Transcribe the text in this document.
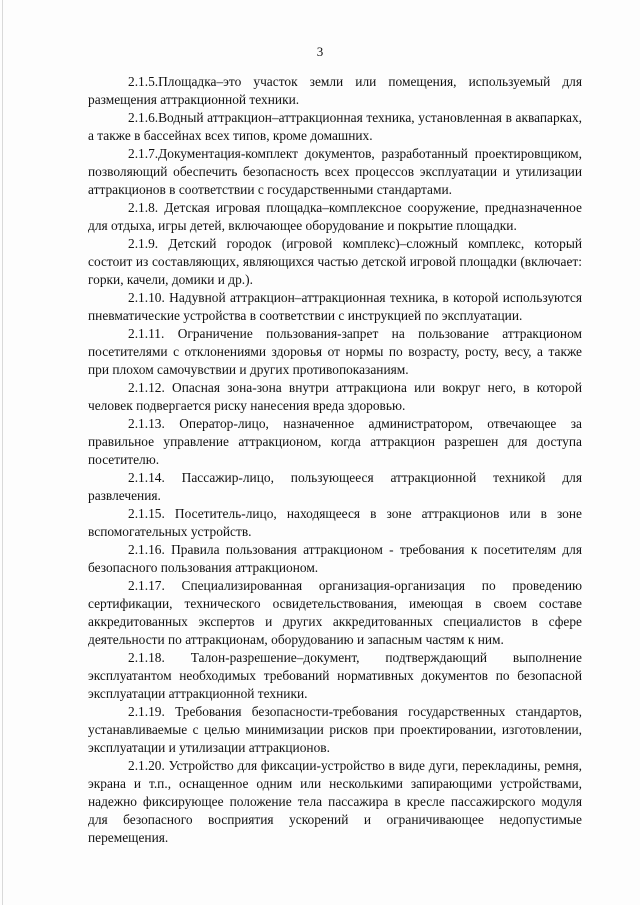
3

2.1.5.Площадка–это участок земли или помещения, используемый для размещения аттракционной техники.

2.1.6.Водный аттракцион–аттракционная техника, установленная в аквапарках, а также в бассейнах всех типов, кроме домашних.

2.1.7.Документация-комплект документов, разработанный проектировщиком, позволяющий обеспечить безопасность всех процессов эксплуатации и утилизации аттракционов в соответствии с государственными стандартами.

2.1.8. Детская игровая площадка–комплексное сооружение, предназначенное для отдыха, игры детей, включающее оборудование и покрытие площадки.

2.1.9. Детский городок (игровой комплекс)–сложный комплекс, который состоит из составляющих, являющихся частью детской игровой площадки (включает: горки, качели, домики и др.).

2.1.10. Надувной аттракцион–аттракционная техника, в которой используются пневматические устройства в соответствии с инструкцией по эксплуатации.

2.1.11. Ограничение пользования-запрет на пользование аттракционом посетителями с отклонениями здоровья от нормы по возрасту, росту, весу, а также при плохом самочувствии и других противопоказаниям.

2.1.12. Опасная зона-зона внутри аттракциона или вокруг него, в которой человек подвергается риску нанесения вреда здоровью.

2.1.13. Оператор-лицо, назначенное администратором, отвечающее за правильное управление аттракционом, когда аттракцион разрешен для доступа посетителю.

2.1.14. Пассажир-лицо, пользующееся аттракционной техникой для развлечения.

2.1.15. Посетитель-лицо, находящееся в зоне аттракционов или в зоне вспомогательных устройств.

2.1.16. Правила пользования аттракционом - требования к посетителям для безопасного пользования аттракционом.

2.1.17. Специализированная организация-организация по проведению сертификации, технического освидетельствования, имеющая в своем составе аккредитованных экспертов и других аккредитованных специалистов в сфере деятельности по аттракционам, оборудованию и запасным частям к ним.

2.1.18. Талон-разрешение–документ, подтверждающий выполнение эксплуатантом необходимых требований нормативных документов по безопасной эксплуатации аттракционной техники.

2.1.19. Требования безопасности-требования государственных стандартов, устанавливаемые с целью минимизации рисков при проектировании, изготовлении, эксплуатации и утилизации аттракционов.

2.1.20. Устройство для фиксации-устройство в виде дуги, перекладины, ремня, экрана и т.п., оснащенное одним или несколькими запирающими устройствами, надежно фиксирующее положение тела пассажира в кресле пассажирского модуля для безопасного восприятия ускорений и ограничивающее недопустимые перемещения.
